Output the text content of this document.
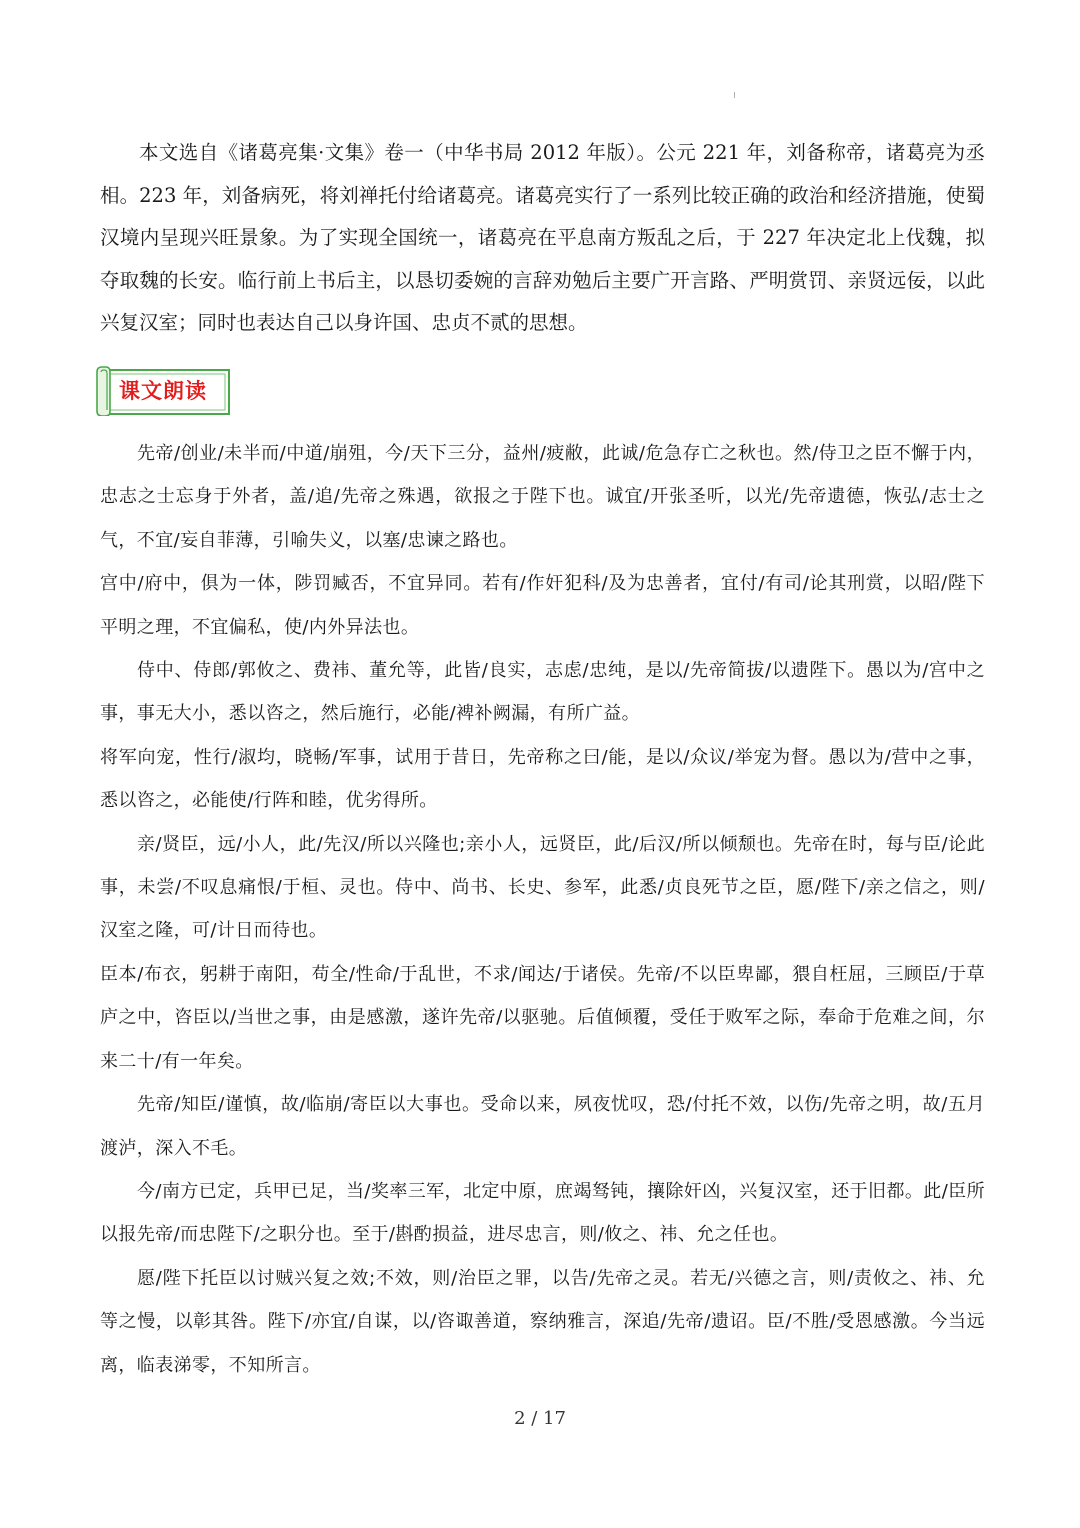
本文选自《诸葛亮集·文集》卷一（中华书局 2012 年版）。公元 221 年，刘备称帝，诸葛亮为丞相。223 年，刘备病死，将刘禅托付给诸葛亮。诸葛亮实行了一系列比较正确的政治和经济措施，使蜀汉境内呈现兴旺景象。为了实现全国统一，诸葛亮在平息南方叛乱之后，于 227 年决定北上伐魏，拟夺取魏的长安。临行前上书后主，以恳切委婉的言辞劝勉后主要广开言路、严明赏罚、亲贤远佞，以此兴复汉室；同时也表达自己以身许国、忠贞不贰的思想。

课文朗读

先帝/创业/未半而/中道/崩殂，今/天下三分，益州/疲敝，此诚/危急存亡之秋也。然/侍卫之臣不懈于内，忠志之士忘身于外者，盖/追/先帝之殊遇，欲报之于陛下也。诚宜/开张圣听，以光/先帝遗德，恢弘/志士之气，不宜/妄自菲薄，引喻失义，以塞/忠谏之路也。

宫中/府中，俱为一体，陟罚臧否，不宜异同。若有/作奸犯科/及为忠善者，宜付/有司/论其刑赏，以昭/陛下平明之理，不宜偏私，使/内外异法也。

侍中、侍郎/郭攸之、费祎、董允等，此皆/良实，志虑/忠纯，是以/先帝简拔/以遗陛下。愚以为/宫中之事，事无大小，悉以咨之，然后施行，必能/裨补阙漏，有所广益。

将军向宠，性行/淑均，晓畅/军事，试用于昔日，先帝称之曰/能，是以/众议/举宠为督。愚以为/营中之事，悉以咨之，必能使/行阵和睦，优劣得所。

亲/贤臣，远/小人，此/先汉/所以兴隆也;亲小人，远贤臣，此/后汉/所以倾颓也。先帝在时，每与臣/论此事，未尝/不叹息痛恨/于桓、灵也。侍中、尚书、长史、参军，此悉/贞良死节之臣，愿/陛下/亲之信之，则/汉室之隆，可/计日而待也。

臣本/布衣，躬耕于南阳，苟全/性命/于乱世，不求/闻达/于诸侯。先帝/不以臣卑鄙，猥自枉屈，三顾臣/于草庐之中，咨臣以/当世之事，由是感激，遂许先帝/以驱驰。后值倾覆，受任于败军之际，奉命于危难之间，尔来二十/有一年矣。

先帝/知臣/谨慎，故/临崩/寄臣以大事也。受命以来，夙夜忧叹，恐/付托不效，以伤/先帝之明，故/五月渡泸，深入不毛。

今/南方已定，兵甲已足，当/奖率三军，北定中原，庶竭驽钝，攘除奸凶，兴复汉室，还于旧都。此/臣所以报先帝/而忠陛下/之职分也。至于/斟酌损益，进尽忠言，则/攸之、祎、允之任也。

愿/陛下托臣以讨贼兴复之效;不效，则/治臣之罪，以告/先帝之灵。若无/兴德之言，则/责攸之、祎、允等之慢，以彰其咎。陛下/亦宜/自谋，以/咨诹善道，察纳雅言，深追/先帝/遗诏。臣/不胜/受恩感激。今当远离，临表涕零，不知所言。

2 / 17
